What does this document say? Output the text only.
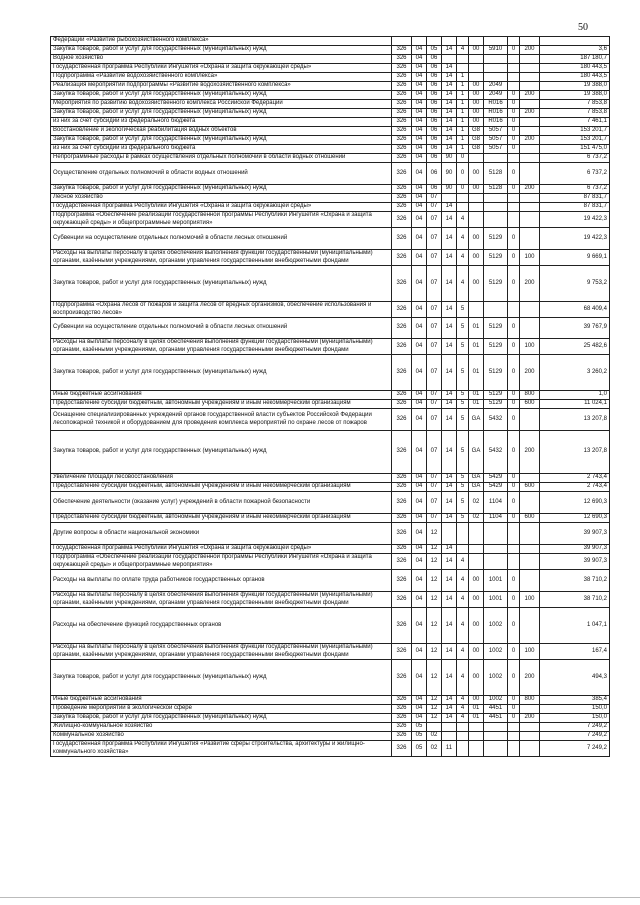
50
Федерации «Развитие рыбохозяйственного комплекса»										
Закупка товаров, работ и услуг для государственных (муниципальных) нужд	326	04	05	14	4	00	5910	0	200	3,6
Водное хозяйство	326	04	06							187 180,7
Государственная программа Республики Ингушетия «Охрана и защита окружающей среды»	326	04	06	14						180 443,5
Подпрограмма «Развитие водохозяйственного комплекса»	326	04	06	14	1					180 443,5
Реализация мероприятий подпрограммы «Развитие водохозяйственного комплекса»	326	04	06	14	1	00	2049			19 388,0
Закупка товаров, работ и услуг для государственных (муниципальных) нужд	326	04	06	14	1	00	2049	0	200	19 388,0
Мероприятия по развитию водохозяйственного комплекса Российской Федерации	326	04	06	14	1	00	R016	0		7 853,8
Закупка товаров, работ и услуг для государственных (муниципальных) нужд	326	04	06	14	1	00	R016	0	200	7 853,8
из них за счет субсидии из федерального бюджета	326	04	06	14	1	00	R016	0		7 461,1
Восстановление и экологическая реабилитация водных объектов	326	04	06	14	1	G8	5057	0		153 201,7
Закупка товаров, работ и услуг для государственных (муниципальных) нужд	326	04	06	14	1	G8	5057	0	200	153 201,7
из них за счет субсидии из федерального бюджета	326	04	06	14	1	G8	5057	0		151 475,0
Непрограммные расходы в рамках осуществления отдельных полномочий в области водных отношений	326	04	06	90	0					6 737,2
Осуществление отдельных полномочий в области водных отношений	326	04	06	90	0	00	5128	0		6 737,2
Закупка товаров, работ и услуг для государственных (муниципальных) нужд	326	04	06	90	0	00	5128	0	200	6 737,2
Лесное хозяйство	326	04	07							87 831,7
Государственная программа Республики Ингушетия «Охрана и защита окружающей среды»	326	04	07	14						87 831,7
Подпрограмма «Обеспечение реализации государственной программы Республики Ингушетия «Охрана и защита окружающей среды» и общепрограммные мероприятия»	326	04	07	14	4					19 422,3
Субвенции на осуществление отдельных полномочий в области лесных отношений	326	04	07	14	4	00	5129	0		19 422,3
Расходы на выплаты персоналу в целях обеспечения выполнения функций государственными (муниципальными) органами, казёнными учреждениями, органами управления государственными внебюджетными фондами	326	04	07	14	4	00	5129	0	100	9 669,1
Закупка товаров, работ и услуг для государственных (муниципальных) нужд	326	04	07	14	4	00	5129	0	200	9 753,2
Подпрограмма «Охрана лесов от пожаров и защита лесов от вредных организмов, обеспечение использования и воспроизводство лесов»	326	04	07	14	5					68 409,4
Субвенции на осуществление отдельных полномочий в области лесных отношений	326	04	07	14	5	01	5129	0		39 767,9
Расходы на выплаты персоналу в целях обеспечения выполнения функций государственными (муниципальными) органами, казёнными учреждениями, органами управления государственными внебюджетными фондами	326	04	07	14	5	01	5129	0	100	25 482,6
Закупка товаров, работ и услуг для государственных (муниципальных) нужд	326	04	07	14	5	01	5129	0	200	3 260,2
Иные бюджетные ассигнования	326	04	07	14	5	01	5129	0	800	1,0
Предоставление субсидий бюджетным, автономным учреждениям и иным некоммерческим организациям	326	04	07	14	5	01	5129	0	600	11 024,1
Оснащение специализированных учреждений органов государственной власти субъектов Российской Федерации лесопожарной техникой и оборудованием для проведения комплекса мероприятий по охране лесов от пожаров	326	04	07	14	5	GA	5432	0		13 207,8
Закупка товаров, работ и услуг для государственных (муниципальных) нужд	326	04	07	14	5	GA	5432	0	200	13 207,8
Увеличение площади лесовосстановления	326	04	07	14	5	GA	5429	0		2 743,4
Предоставление субсидий бюджетным, автономным учреждениям и иным некоммерческим организациям	326	04	07	14	5	GA	5429	0	600	2 743,4
Обеспечение деятельности (оказание услуг) учреждений в области пожарной безопасности	326	04	07	14	5	02	1104	0		12 690,3
Предоставление субсидий бюджетным, автономным учреждениям и иным некоммерческим организациям	326	04	07	14	5	02	1104	0	600	12 690,3
Другие вопросы в области национальной экономики	326	04	12							39 907,3
Государственная программа Республики Ингушетия «Охрана и защита окружающей среды»	326	04	12	14						39 907,3
Подпрограмма «Обеспечение реализации государственной программы Республики Ингушетия «Охрана и защита окружающей среды» и общепрограммные мероприятия»	326	04	12	14	4					39 907,3
Расходы на выплаты по оплате труда работников государственных органов	326	04	12	14	4	00	1001	0		38 710,2
Расходы на выплаты персоналу в целях обеспечения выполнения функций государственными (муниципальными) органами, казёнными учреждениями, органами управления государственными внебюджетными фондами	326	04	12	14	4	00	1001	0	100	38 710,2
Расходы на обеспечение функций государственных органов	326	04	12	14	4	00	1002	0		1 047,1
Расходы на выплаты персоналу в целях обеспечения выполнения функций государственными (муниципальными) органами, казёнными учреждениями, органами управления государственными внебюджетными фондами	326	04	12	14	4	00	1002	0	100	167,4
Закупка товаров, работ и услуг для государственных (муниципальных) нужд	326	04	12	14	4	00	1002	0	200	494,3
Иные бюджетные ассигнования	326	04	12	14	4	00	1002	0	800	385,4
Проведение мероприятий в экологической сфере	326	04	12	14	4	01	4451	0		150,0
Закупка товаров, работ и услуг для государственных (муниципальных) нужд	326	04	12	14	4	01	4451	0	200	150,0
Жилищно-коммунальное хозяйство	326	05								7 249,2
Коммунальное хозяйство	326	05	02							7 249,2
Государственная программа Республики Ингушетия «Развитие сферы строительства, архитектуры и жилищно-коммунального хозяйства»	326	05	02	11						7 249,2
